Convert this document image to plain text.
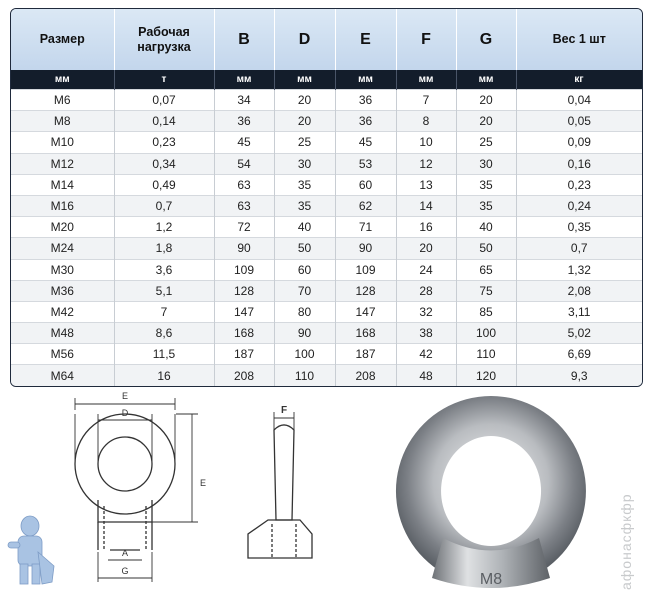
Размер	Рабочая нагрузка	B	D	E	F	G	Вес 1 шт
мм	т	мм	мм	мм	мм	мм	кг
M6	0,07	34	20	36	7	20	0,04
M8	0,14	36	20	36	8	20	0,05
M10	0,23	45	25	45	10	25	0,09
M12	0,34	54	30	53	12	30	0,16
M14	0,49	63	35	60	13	35	0,23
M16	0,7	63	35	62	14	35	0,24
M20	1,2	72	40	71	16	40	0,35
M24	1,8	90	50	90	20	50	0,7
M30	3,6	109	60	109	24	65	1,32
M36	5,1	128	70	128	28	75	2,08
M42	7	147	80	147	32	85	3,11
M48	8,6	168	90	168	38	100	5,02
M56	11,5	187	100	187	42	110	6,69
M64	16	208	110	208	48	120	9,3
E
D
E
A
G
F
M8	афонасфкфр
